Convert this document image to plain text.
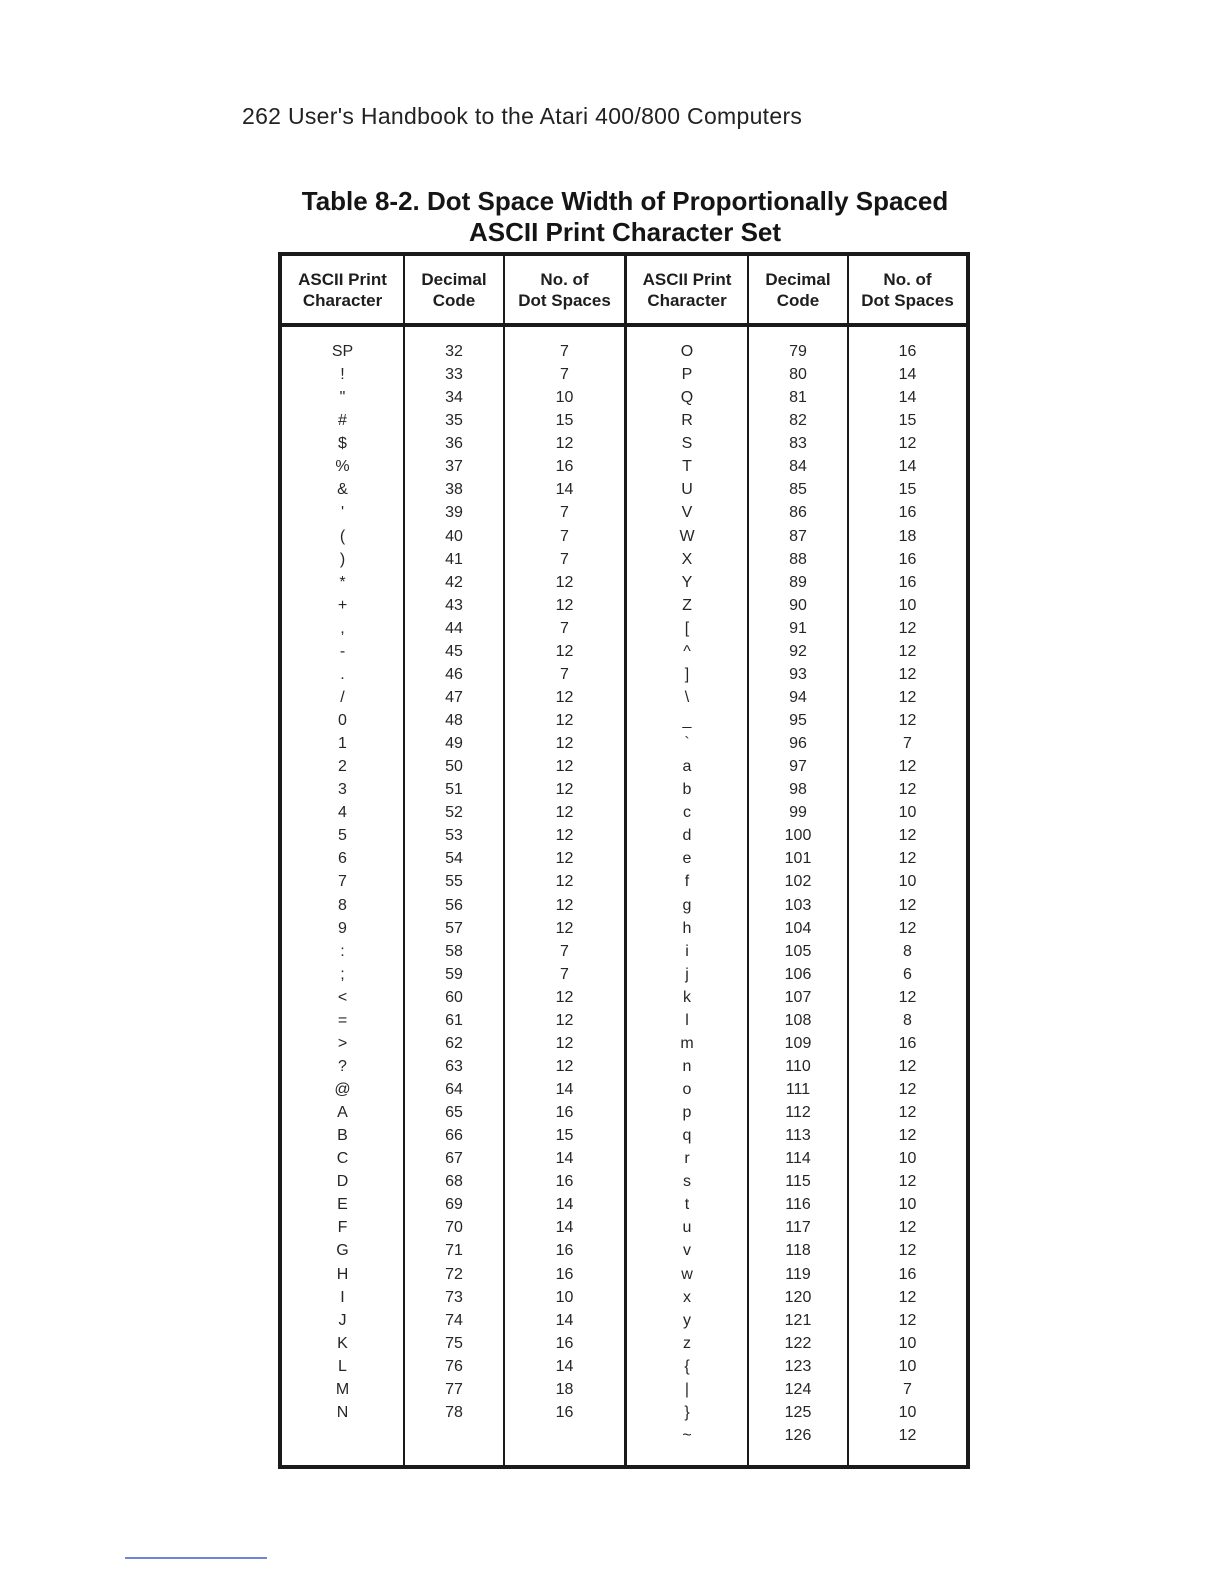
262 User's Handbook to the Atari 400/800 Computers
Table 8-2. Dot Space Width of Proportionally Spaced
ASCII Print Character Set
ASCII Print
Character
Decimal
Code
No. of
Dot Spaces
ASCII Print
Character
Decimal
Code
No. of
Dot Spaces
SP
!
"
#
$
%
&
'
(
)
*
+
,
-
.
/
0
1
2
3
4
5
6
7
8
9
:
;
<
=
>
?
@
A
B
C
D
E
F
G
H
I
J
K
L
M
N
32
33
34
35
36
37
38
39
40
41
42
43
44
45
46
47
48
49
50
51
52
53
54
55
56
57
58
59
60
61
62
63
64
65
66
67
68
69
70
71
72
73
74
75
76
77
78
7
7
10
15
12
16
14
7
7
7
12
12
7
12
7
12
12
12
12
12
12
12
12
12
12
12
7
7
12
12
12
12
14
16
15
14
16
14
14
16
16
10
14
16
14
18
16
O
P
Q
R
S
T
U
V
W
X
Y
Z
[
^
]
\
_
`
a
b
c
d
e
f
g
h
i
j
k
l
m
n
o
p
q
r
s
t
u
v
w
x
y
z
{
|
}
~
79
80
81
82
83
84
85
86
87
88
89
90
91
92
93
94
95
96
97
98
99
100
101
102
103
104
105
106
107
108
109
110
111
112
113
114
115
116
117
118
119
120
121
122
123
124
125
126
16
14
14
15
12
14
15
16
18
16
16
10
12
12
12
12
12
7
12
12
10
12
12
10
12
12
8
6
12
8
16
12
12
12
12
10
12
10
12
12
16
12
12
10
10
7
10
12
